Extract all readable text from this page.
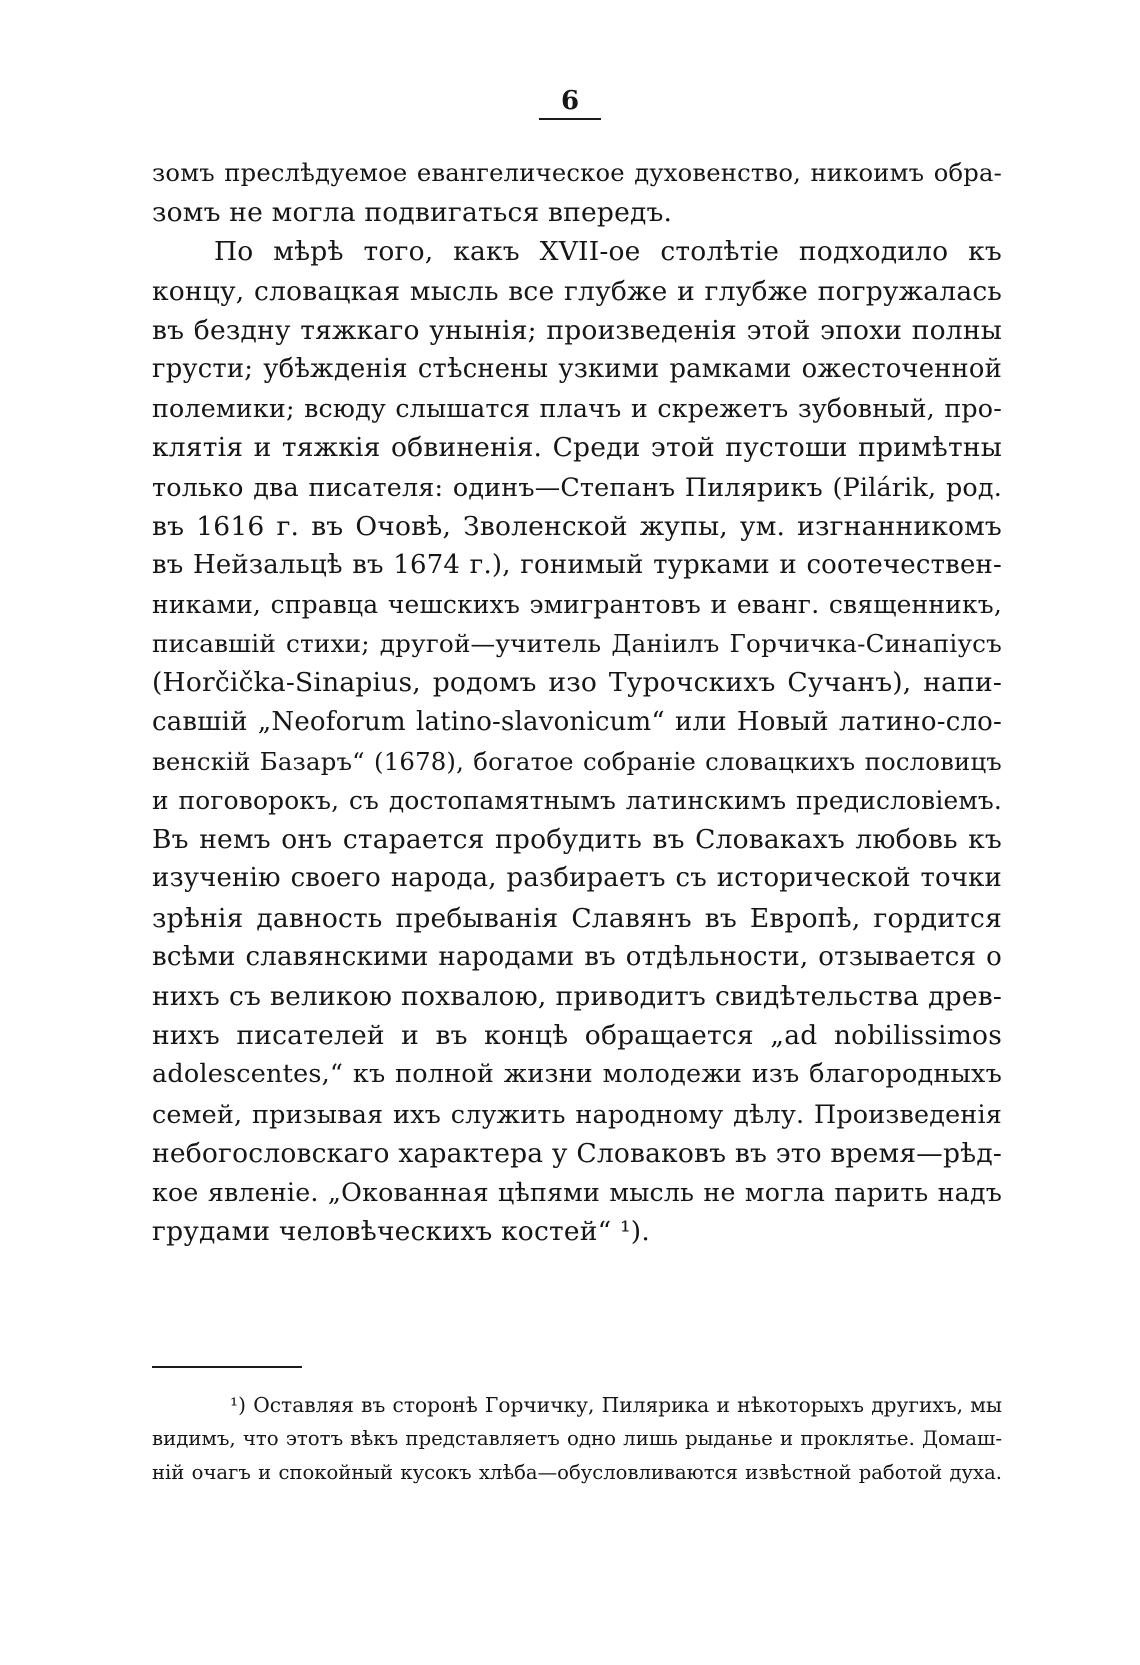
6
зомъ преслѣдуемое евангелическое духовенство, никоимъ обра-
зомъ не могла подвигаться впередъ.
По мѣрѣ того, какъ XVII-ое столѣтіе подходило къ
концу, словацкая мысль все глубже и глубже погружалась
въ бездну тяжкаго унынія; произведенія этой эпохи полны
грусти; убѣжденія стѣснены узкими рамками ожесточенной
полемики; всюду слышатся плачъ и скрежетъ зубовный, про-
клятія и тяжкія обвиненія. Среди этой пустоши примѣтны
только два писателя: одинъ—Степанъ Пилярикъ (Pilárik, род.
въ 1616 г. въ Очовѣ, Зволенской жупы, ум. изгнанникомъ
въ Нейзальцѣ въ 1674 г.), гонимый турками и соотечествен-
никами, справца чешскихъ эмигрантовъ и еванг. священникъ,
писавшій стихи; другой—учитель Даніилъ Горчичка-Синапіусъ
(Horčička-Sinapius, родомъ изо Турочскихъ Сучанъ), напи-
савшій „Neoforum latino-slavonicum“ или Новый латино-сло-
венскій Базаръ“ (1678), богатое собраніе словацкихъ пословицъ
и поговорокъ, съ достопамятнымъ латинскимъ предисловіемъ.
Въ немъ онъ старается пробудить въ Словакахъ любовь къ
изученію своего народа, разбираетъ съ исторической точки
зрѣнія давность пребыванія Славянъ въ Европѣ, гордится
всѣми славянскими народами въ отдѣльности, отзывается о
нихъ съ великою похвалою, приводитъ свидѣтельства древ-
нихъ писателей и въ концѣ обращается „ad nobilissimos
adolescentes,“ къ полной жизни молодежи изъ благородныхъ
семей, призывая ихъ служить народному дѣлу. Произведенія
небогословскаго характера у Словаковъ въ это время—рѣд-
кое явленіе. „Окованная цѣпями мысль не могла парить надъ
грудами человѣческихъ костей“ ¹).
¹) Оставляя въ сторонѣ Горчичку, Пилярика и нѣкоторыхъ другихъ, мы
видимъ, что этотъ вѣкъ представляетъ одно лишь рыданье и проклятье. Домаш-
ній очагъ и спокойный кусокъ хлѣба—обусловливаются извѣстной работой духа.
